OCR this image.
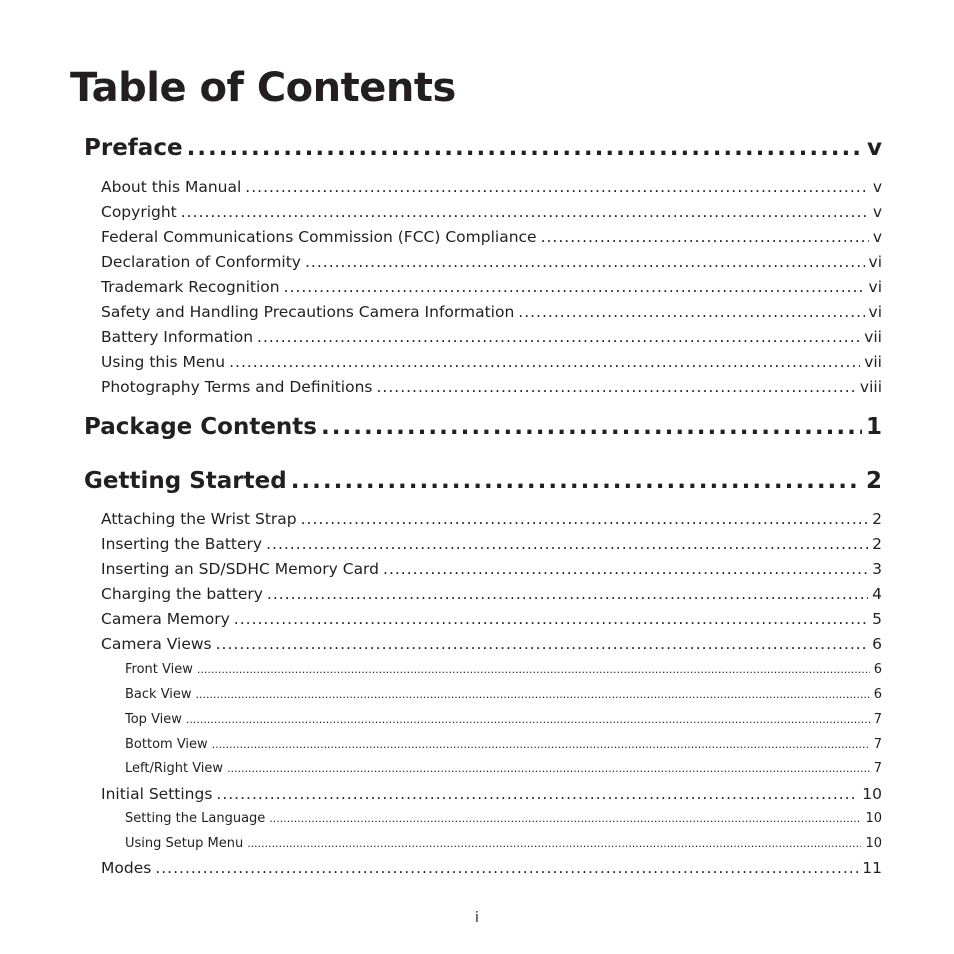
Table of Contents
Preface .....	v
About this Manual .....	v
Copyright .....	v
Federal Communications Commission (FCC) Compliance .....	v
Declaration of Conformity .....	vi
Trademark Recognition .....	vi
Safety and Handling Precautions Camera Information .....	vi
Battery Information .....	vii
Using this Menu .....	vii
Photography Terms and Definitions .....	viii
Package Contents .....	1
Getting Started .....	2
Attaching the Wrist Strap .....	2
Inserting the Battery .....	2
Inserting an SD/SDHC Memory Card .....	3
Charging the battery .....	4
Camera Memory .....	5
Camera Views .....	6
Front View .....	6
Back View .....	6
Top View .....	7
Bottom View .....	7
Left/Right View .....	7
Initial Settings .....	10
Setting the Language .....	10
Using Setup Menu .....	10
Modes .....	11
i
